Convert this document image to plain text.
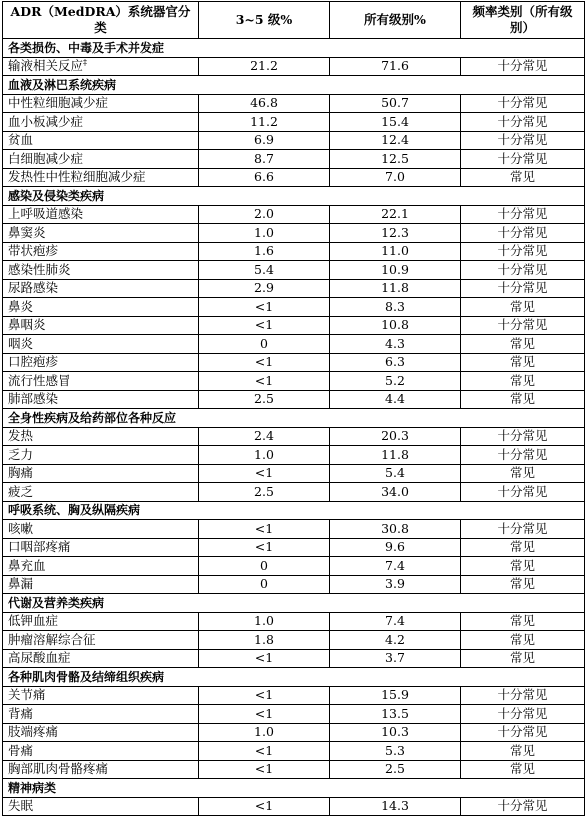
ADR（MedDRA）系统器官分类	3~5 级%	所有级别%	频率类别（所有级别）
各类损伤、中毒及手术并发症			
输液相关反应‡	21.2	71.6	十分常见
血液及淋巴系统疾病			
中性粒细胞减少症	46.8	50.7	十分常见
血小板减少症	11.2	15.4	十分常见
贫血	6.9	12.4	十分常见
白细胞减少症	8.7	12.5	十分常见
发热性中性粒细胞减少症	6.6	7.0	常见
感染及侵染类疾病			
上呼吸道感染	2.0	22.1	十分常见
鼻窦炎	1.0	12.3	十分常见
带状疱疹	1.6	11.0	十分常见
感染性肺炎	5.4	10.9	十分常见
尿路感染	2.9	11.8	十分常见
鼻炎	<1	8.3	常见
鼻咽炎	<1	10.8	十分常见
咽炎	0	4.3	常见
口腔疱疹	<1	6.3	常见
流行性感冒	<1	5.2	常见
肺部感染	2.5	4.4	常见
全身性疾病及给药部位各种反应			
发热	2.4	20.3	十分常见
乏力	1.0	11.8	十分常见
胸痛	<1	5.4	常见
疲乏	2.5	34.0	十分常见
呼吸系统、胸及纵隔疾病			
咳嗽	<1	30.8	十分常见
口咽部疼痛	<1	9.6	常见
鼻充血	0	7.4	常见
鼻漏	0	3.9	常见
代谢及营养类疾病			
低钾血症	1.0	7.4	常见
肿瘤溶解综合征	1.8	4.2	常见
高尿酸血症	<1	3.7	常见
各种肌肉骨骼及结缔组织疾病			
关节痛	<1	15.9	十分常见
背痛	<1	13.5	十分常见
肢端疼痛	1.0	10.3	十分常见
骨痛	<1	5.3	常见
胸部肌肉骨骼疼痛	<1	2.5	常见
精神病类			
失眠	<1	14.3	十分常见
